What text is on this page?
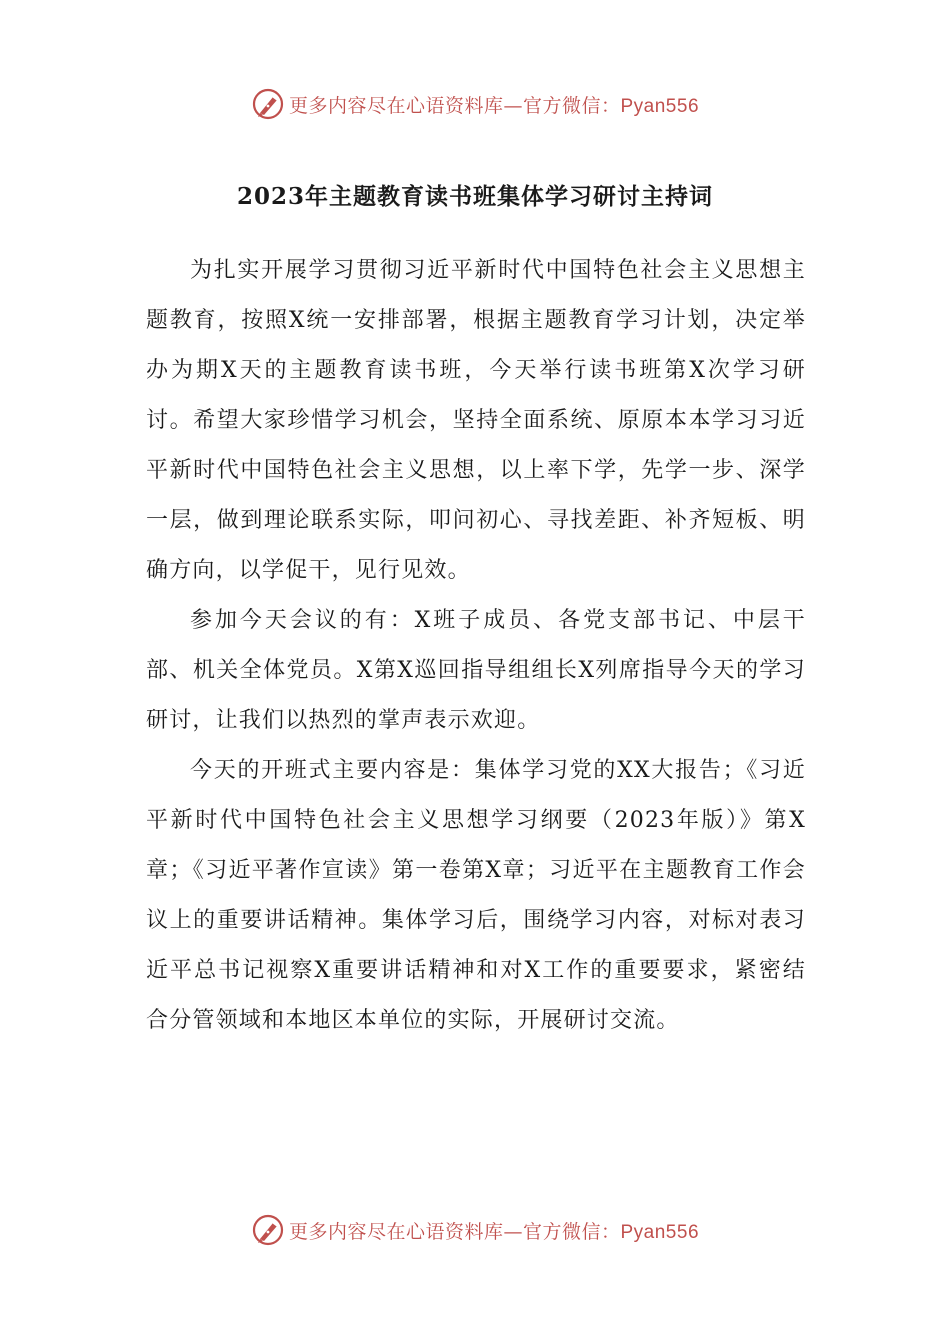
更多内容尽在心语资料库—官方微信：Pyan556
2023年主题教育读书班集体学习研讨主持词

为扎实开展学习贯彻习近平新时代中国特色社会主义思想主题教育，按照X统一安排部署，根据主题教育学习计划，决定举办为期X天的主题教育读书班，今天举行读书班第X次学习研讨。希望大家珍惜学习机会，坚持全面系统、原原本本学习习近平新时代中国特色社会主义思想，以上率下学，先学一步、深学一层，做到理论联系实际，叩问初心、寻找差距、补齐短板、明确方向，以学促干，见行见效。

参加今天会议的有：X班子成员、各党支部书记、中层干部、机关全体党员。X第X巡回指导组组长X列席指导今天的学习研讨，让我们以热烈的掌声表示欢迎。

今天的开班式主要内容是：集体学习党的XX大报告；《习近平新时代中国特色社会主义思想学习纲要（2023年版）》第X章；《习近平著作宣读》第一卷第X章；习近平在主题教育工作会议上的重要讲话精神。集体学习后，围绕学习内容，对标对表习近平总书记视察X重要讲话精神和对X工作的重要要求，紧密结合分管领域和本地区本单位的实际，开展研讨交流。

更多内容尽在心语资料库—官方微信：Pyan556
